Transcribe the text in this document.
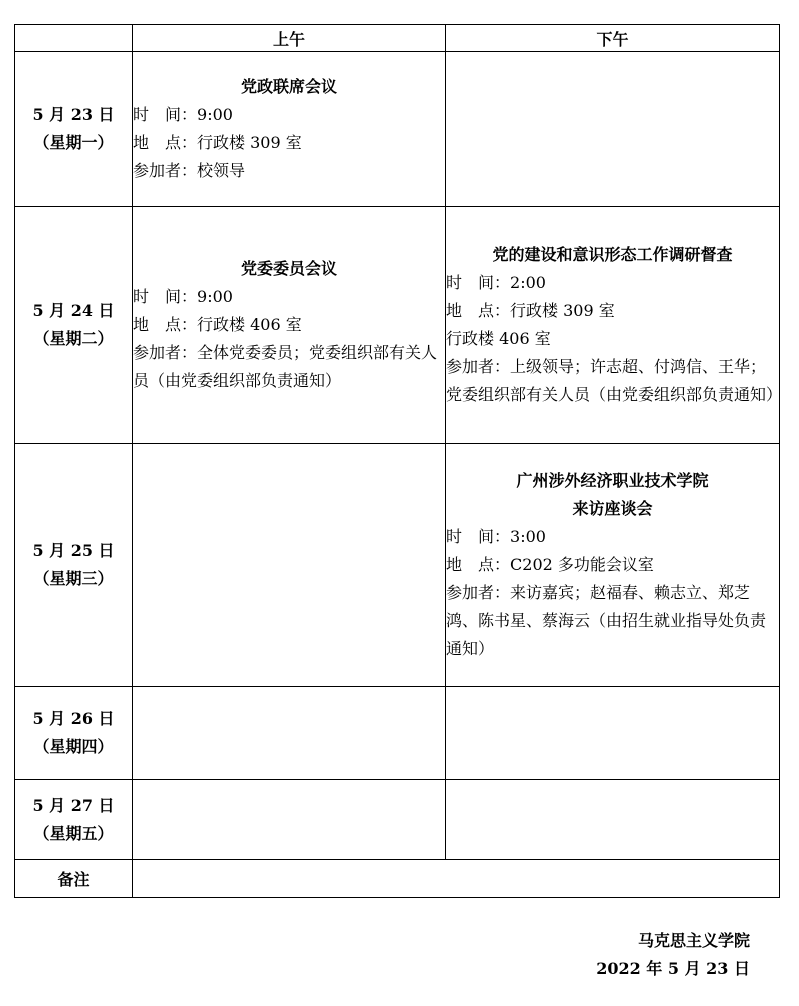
	上午	下午

5 月 23 日
（星期一）	党政联席会议
时　间：9:00
地　点：行政楼 309 室
参加者：校领导	

5 月 24 日
（星期二）	党委委员会议
时　间：9:00
地　点：行政楼 406 室
参加者：全体党委委员；党委组织部有关人员（由党委组织部负责通知）	党的建设和意识形态工作调研督查
时　间：2:00
地　点：行政楼 309 室
行政楼 406 室
参加者：上级领导；许志超、付鸿信、王华；党委组织部有关人员（由党委组织部负责通知）

5 月 25 日
（星期三）		广州涉外经济职业技术学院
来访座谈会
时　间：3:00
地　点：C202 多功能会议室
参加者：来访嘉宾；赵福春、赖志立、郑芝鸿、陈书星、蔡海云（由招生就业指导处负责通知）

5 月 26 日
（星期四）		

5 月 27 日
（星期五）		

备注		
马克思主义学院
2022 年 5 月 23 日
